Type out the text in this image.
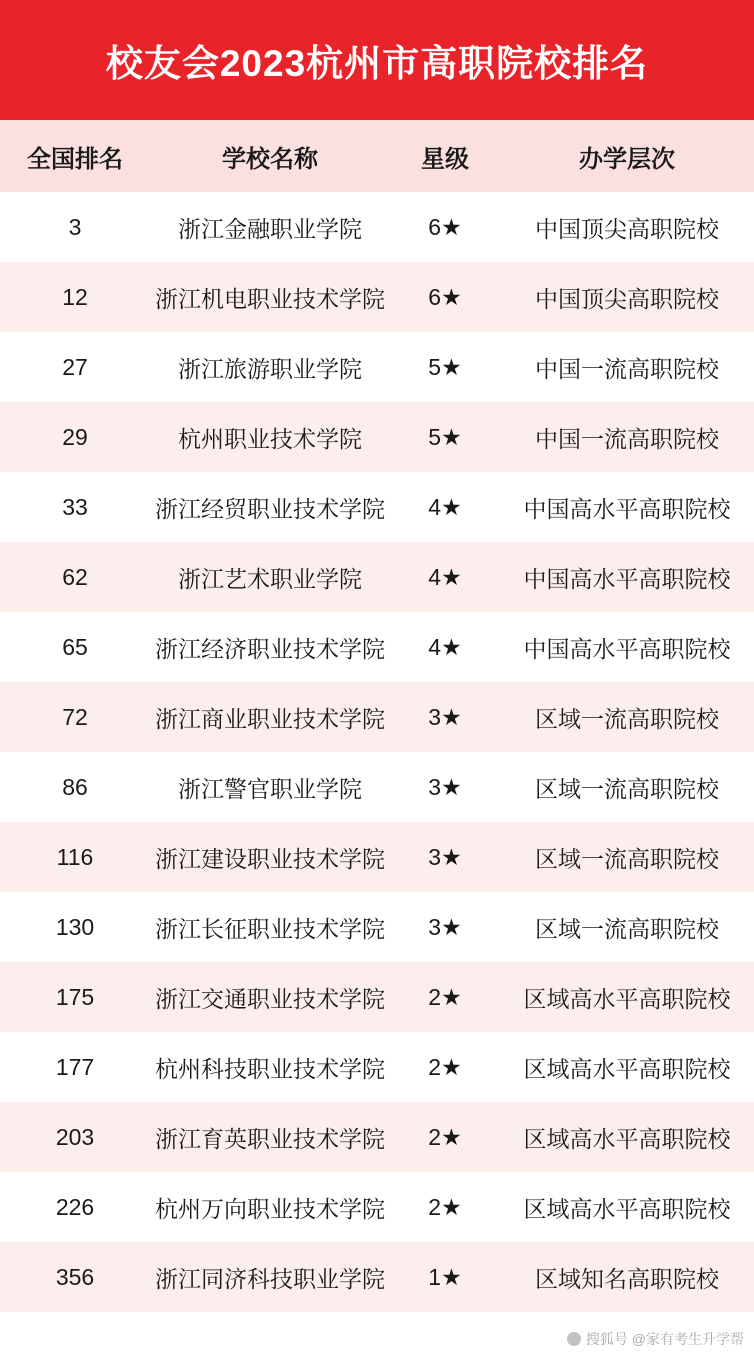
校友会2023杭州市高职院校排名
全国排名	学校名称	星级	办学层次
3	浙江金融职业学院	6★	中国顶尖高职院校
12	浙江机电职业技术学院	6★	中国顶尖高职院校
27	浙江旅游职业学院	5★	中国一流高职院校
29	杭州职业技术学院	5★	中国一流高职院校
33	浙江经贸职业技术学院	4★	中国高水平高职院校
62	浙江艺术职业学院	4★	中国高水平高职院校
65	浙江经济职业技术学院	4★	中国高水平高职院校
72	浙江商业职业技术学院	3★	区域一流高职院校
86	浙江警官职业学院	3★	区域一流高职院校
116	浙江建设职业技术学院	3★	区域一流高职院校
130	浙江长征职业技术学院	3★	区域一流高职院校
175	浙江交通职业技术学院	2★	区域高水平高职院校
177	杭州科技职业技术学院	2★	区域高水平高职院校
203	浙江育英职业技术学院	2★	区域高水平高职院校
226	杭州万向职业技术学院	2★	区域高水平高职院校
356	浙江同济科技职业学院	1★	区域知名高职院校
搜狐号 @家有考生升学帮
